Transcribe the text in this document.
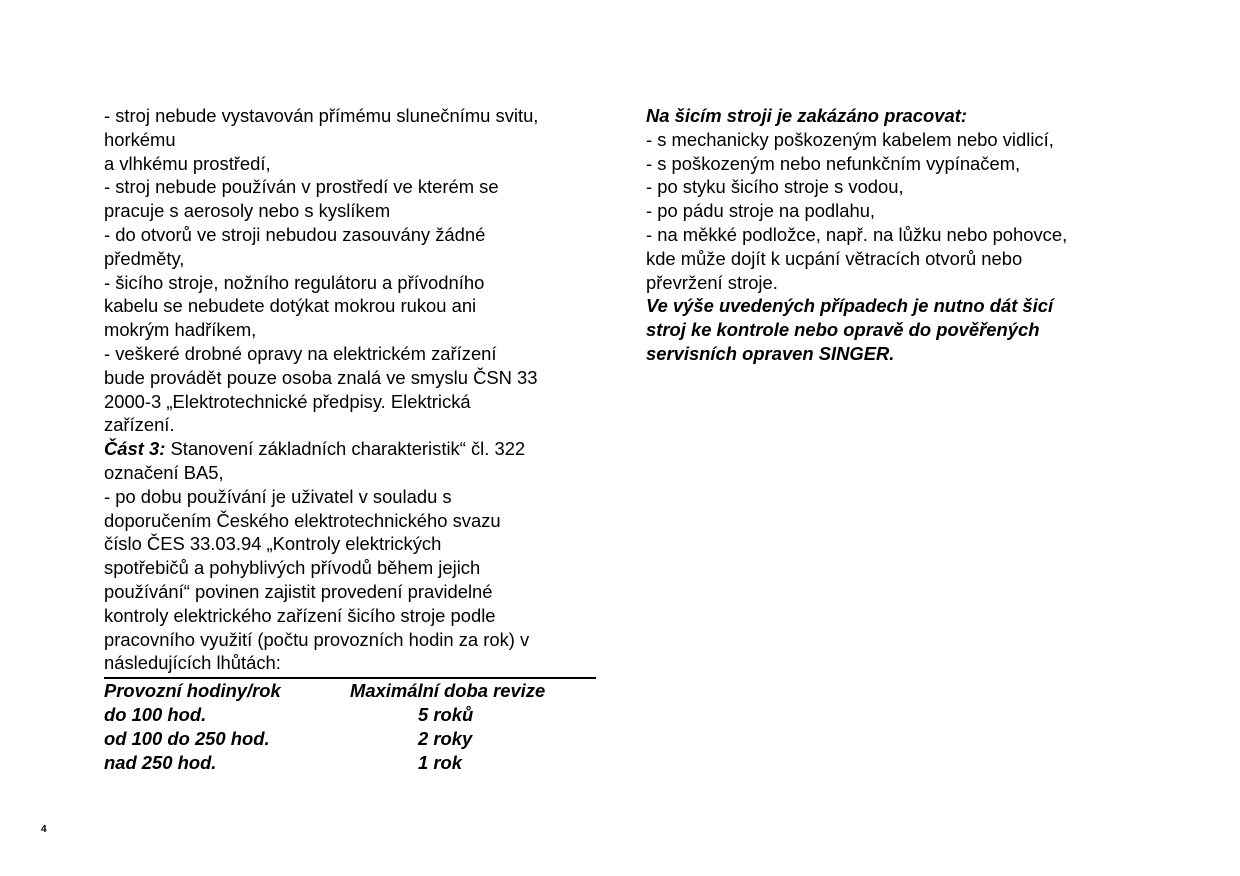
- stroj nebude vystavován přímému slunečnímu svitu,
horkému
a vlhkému prostředí,
- stroj nebude používán v prostředí ve kterém se
pracuje s aerosoly nebo s kyslíkem
- do otvorů ve stroji nebudou zasouvány žádné
předměty,
- šicího stroje, nožního regulátoru a přívodního
kabelu se nebudete dotýkat mokrou rukou ani
mokrým hadříkem,
- veškeré drobné opravy na elektrickém zařízení
bude provádět pouze osoba znalá ve smyslu ČSN 33
2000-3 „Elektrotechnické předpisy. Elektrická
zařízení.
Část 3: Stanovení základních charakteristik“ čl. 322
označení BA5,
- po dobu používání je uživatel v souladu s
doporučením Českého elektrotechnického svazu
číslo ČES 33.03.94 „Kontroly elektrických
spotřebičů a pohyblivých přívodů během jejich
používání“ povinen zajistit provedení pravidelné
kontroly elektrického zařízení šicího stroje podle
pracovního využití (počtu provozních hodin za rok) v
následujících lhůtách:
Provozní hodiny/rok	Maximální doba revize
do 100 hod.	5 roků
od 100 do 250 hod.	2 roky
nad 250 hod.	1 rok
Na šicím stroji je zakázáno pracovat:
- s mechanicky poškozeným kabelem nebo vidlicí,
- s poškozeným nebo nefunkčním vypínačem,
- po styku šicího stroje s vodou,
- po pádu stroje na podlahu,
- na měkké podložce, např. na lůžku nebo pohovce,
kde může dojít k ucpání větracích otvorů nebo
převržení stroje.
Ve výše uvedených případech je nutno dát šicí
stroj ke kontrole nebo opravě do pověřených
servisních opraven SINGER.
4
